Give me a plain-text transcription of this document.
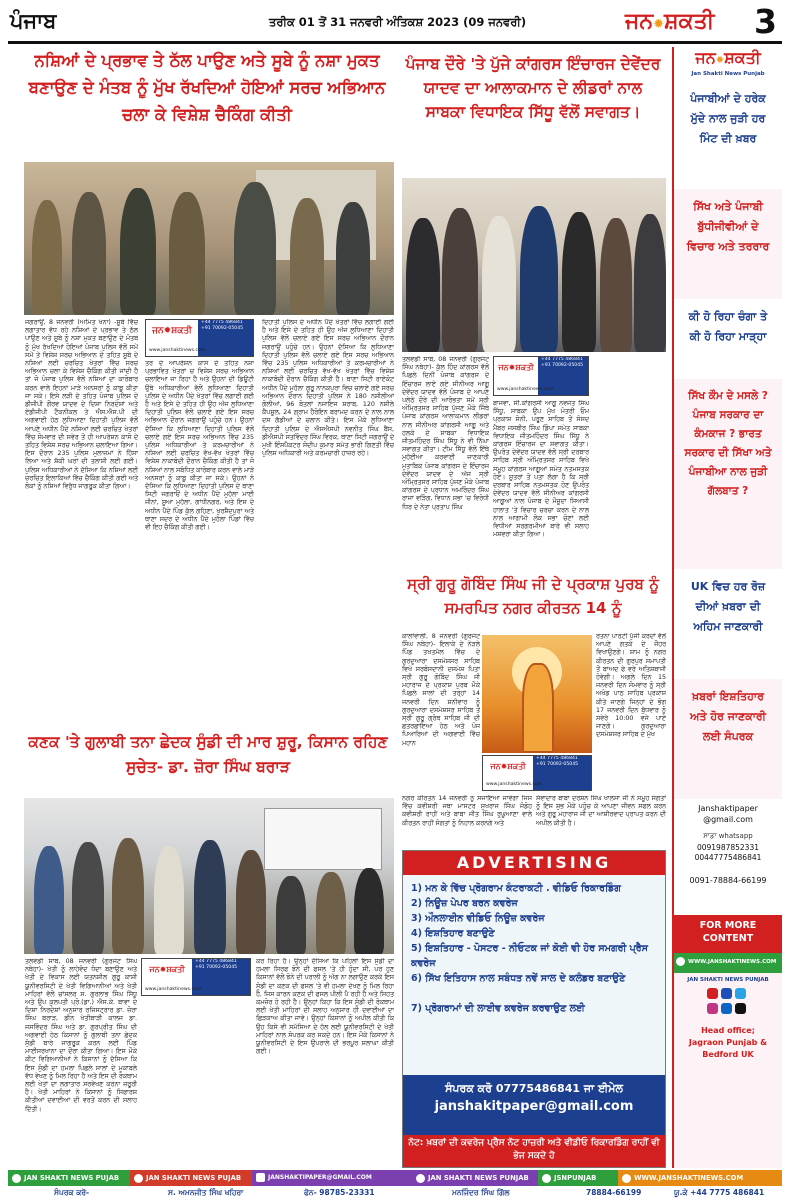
ਪੰਜਾਬ	ਤਰੀਕ 01 ਤੋਂ 31 ਜਨਵਰੀ ਅੰਤਿਕਸ਼ 2023 (09 ਜਨਵਰੀ)	ਜਨ✹ਸ਼ਕਤੀ	3
ਨਸ਼ਿਆਂ ਦੇ ਪ੍ਰਭਾਵ ਤੇ ਠੱਲ ਪਾਉਣ ਅਤੇ ਸੂਬੇ ਨੂੰ ਨਸ਼ਾ ਮੁਕਤ ਬਣਾਉਣ ਦੇ ਮੰਤਬ ਨੂੰ ਮੁੱਖ ਰੱਖਦਿਆਂ ਹੋਇਆਂ ਸਰਚ ਅਭਿਆਨ ਚਲਾ ਕੇ ਵਿਸ਼ੇਸ਼ ਚੈਕਿੰਗ ਕੀਤੀ
ਜਗਰਾਉਂ, 8 ਜਨਵਰੀ (ਅਮਿਤ ਖੰਨਾ) -ਸੂਬੇ ਵਿੱਚ ਲਗਾਤਾਰ ਵੱਧ ਰਹੇ ਨਸ਼ਿਆਂ ਦੇ ਪ੍ਰਭਾਵ ਤੇ ਠੱਲ ਪਾਉਣ ਅਤੇ ਸੂਬੇ ਨੂੰ ਨਸ਼ਾ ਮੁਕਤ ਬਣਾਉਣ ਦੇ ਮੰਤਬ ਨੂੰ ਮੁੱਖ ਰੱਖਦਿਆਂ ਹੋਇਆਂ ਪੰਜਾਬ ਪੁਲਿਸ ਵੱਲੋਂ ਸਮੇਂ ਸਮੇਂ ਤੇ ਵਿਸ਼ੇਸ਼ ਸਰਚ ਅਭਿਆਨ ਦੇ ਤਹਿਤ ਸੂਬੇ ਦੇ ਨਸ਼ਿਆਂ ਲਈ ਚਰਚਿਤ ਖੇਤਰਾਂ ਵਿੱਚ ਸਰਚ ਅਭਿਆਨ ਚਲਾ ਕੇ ਵਿਸ਼ੇਸ਼ ਚੈਕਿੰਗ ਕੀਤੀ ਜਾਂਦੀ ਹੈ ਤਾਂ ਜੋ ਪੰਜਾਬ ਪੁਲਿਸ ਵੱਲੋਂ ਨਸ਼ਿਆਂ ਦਾ ਕਾਰੋਬਾਰ ਕਰਨ ਵਾਲੇ ਇਹਨਾਂ ਮਾੜੇ ਅਨਸਰਾਂ ਨੂੰ ਕਾਬੂ ਕੀਤਾ ਜਾ ਸਕੇ। ਇਸੇ ਲੜੀ ਦੇ ਤਹਿਤ ਪੰਜਾਬ ਪੁਲਿਸ ਦੇ ਡੀਜੀਪੀ ਗੌਰਵ ਯਾਦਵ ਦੇ ਦਿਸ਼ਾ ਨਿਰਦੇਸ਼ਾਂ ਅਤੇ ਏਡੀਜੀਪੀ ਟੈਕਨੀਕਲ ਤੇ ਐਸ.ਐਸ.ਪੀ ਦੀ ਅਗਵਾਈ ਹੇਠ ਲੁਧਿਆਣਾ ਦਿਹਾਤੀ ਪੁਲਿਸ ਵੱਲੋਂ ਆਪਣੇ ਅਧੀਨ ਪੈਂਦੇ ਨਸ਼ਿਆਂ ਲਈ ਚਰਚਿਤ ਖੇਤਰਾਂ ਵਿੱਚ ਸੋਮਵਾਰ ਦੀ ਸਵੇਰ ਤੋਂ ਹੀ ਆਪਰੇਸ਼ਨ ਕਾਸੋ ਦੇ ਤਹਿਤ ਵਿਸ਼ੇਸ਼ ਸਰਚ ਅਭਿਆਨ ਚਲਾਇਆ ਗਿਆ। ਇਸ ਦੌਰਾਨ 235 ਪੁਲਿਸ ਮੁਲਾਜ਼ਮਾਂ ਨੇ ਹਿੱਸਾ ਲਿਆ ਅਤੇ ਸ਼ੱਕੀ ਘਰਾਂ ਦੀ ਤਲਾਸ਼ੀ ਲਈ ਗਈ। ਪੁਲਿਸ ਅਧਿਕਾਰੀਆਂ ਨੇ ਦੱਸਿਆ ਕਿ ਨਸ਼ਿਆਂ ਲਈ ਚਰਚਿਤ ਇਲਾਕਿਆਂ ਵਿੱਚ ਚੈਕਿੰਗ ਕੀਤੀ ਗਈ ਅਤੇ ਲੋਕਾਂ ਨੂੰ ਨਸ਼ਿਆਂ ਵਿਰੁੱਧ ਜਾਗਰੂਕ ਕੀਤਾ ਗਿਆ।
ਜਨ✹ਸ਼ਕਤੀ
+44 7775 486841
+91 70092-05045
www.janshaktinews.com
ਤਰ ਦੇ ਆਪਰੇਸ਼ਨ ਕਾਸੋ ਦੇ ਤਹਿਤ ਨਸ਼ਾ ਪ੍ਰਭਾਵਿਤ ਖੇਤਰਾਂ ਚ ਵਿਸ਼ੇਸ਼ ਸਰਚ ਅਭਿਆਨ ਚਲਾਇਆ ਜਾ ਰਿਹਾ ਹੈ ਅਤੇ ਉਹਨਾਂ ਦੀ ਡਿਊਟੀ ਉਥੇ ਅਧਿਕਾਰੀਆਂ ਵੱਲੋਂ ਲੁਧਿਆਣਾ ਦਿਹਾਤੀ ਪੁਲਿਸ ਦੇ ਅਧੀਨ ਪੈਂਦੇ ਖੇਤਰਾਂ ਵਿੱਚ ਲਗਾਈ ਗਈ ਹੈ ਅਤੇ ਇਸੇ ਦੇ ਤਹਿਤ ਹੀ ਉਹ ਅੱਜ ਲੁਧਿਆਣਾ ਦਿਹਾਤੀ ਪੁਲਿਸ ਵੱਲੋਂ ਚਲਾਏ ਗਏ ਇਸ ਸਰਚ ਅਭਿਆਨ ਦੌਰਾਨ ਜਗਰਾਉਂ ਪਹੁੰਚੇ ਹਨ। ਉਹਨਾਂ ਦੱਸਿਆ ਕਿ ਲੁਧਿਆਣਾ ਦਿਹਾਤੀ ਪੁਲਿਸ ਵੱਲੋਂ ਚਲਾਏ ਗਏ ਇਸ ਸਰਚ ਅਭਿਆਨ ਵਿੱਚ 235 ਪੁਲਿਸ ਅਧਿਕਾਰੀਆਂ ਤੇ ਕਰਮਚਾਰੀਆਂ ਨੇ ਨਸ਼ਿਆਂ ਲਈ ਚਰਚਿਤ ਵੱਖ-ਵੱਖ ਖੇਤਰਾਂ ਵਿੱਚ ਵਿਸ਼ੇਸ਼ ਨਾਕਾਬੰਦੀ ਦੌਰਾਨ ਚੈਕਿੰਗ ਕੀਤੀ ਹੈ ਤਾਂ ਜੋ ਨਸ਼ਿਆਂ ਨਾਲ ਸਬੰਧਿਤ ਕਾਰੋਬਾਰ ਕਰਨ ਵਾਲੇ ਮਾੜੇ ਅਨਸਰਾਂ ਨੂੰ ਕਾਬੂ ਕੀਤਾ ਜਾ ਸਕੇ। ਉਹਨਾਂ ਨੇ ਦੱਸਿਆ ਕਿ ਲੁਧਿਆਣਾ ਦਿਹਾਤੀ ਪੁਲਿਸ ਦੇ ਥਾਣਾ ਸਿਟੀ ਜਗਰਾਓਂ ਦੇ ਅਧੀਨ ਪੈਂਦੇ ਮੁਹੱਲਾ ਮਾਈ ਜੀਨਾਂ, ਸੂਆ ਮੁਹੱਲਾ, ਗਾਂਧੀਨਗਰ, ਅਤੇ ਇਸ ਦੇ ਅਧੀਨ ਪੈਂਦੇ ਪਿੰਡ ਕੁੱਲ ਗਹਿਣਾ, ਖੁਰਸ਼ੈਦਪੁਰਾ ਅਤੇ ਥਾਣਾ ਸਦਰ ਦੇ ਅਧੀਨ ਪੈਂਦੇ ਮੁਹੱਲਾ ਪਿੰਡਾਂ ਵਿੱਚ ਵੀ ਇਹ ਚੈਕਿੰਗ ਕੀਤੀ ਗਈ।
ਦਿਹਾਤੀ ਪੁਲਿਸ ਦੇ ਅਧੀਨ ਪੈਂਦੇ ਖੇਤਰਾਂ ਵਿੱਚ ਲਗਾਈ ਗਈ ਹੈ ਅਤੇ ਇਸੇ ਦੇ ਤਹਿਤ ਹੀ ਉਹ ਅੱਜ ਲੁਧਿਆਣਾ ਦਿਹਾਤੀ ਪੁਲਿਸ ਵੱਲੋਂ ਚਲਾਏ ਗਏ ਇਸ ਸਰਚ ਅਭਿਆਨ ਦੌਰਾਨ ਜਗਰਾਉਂ ਪਹੁੰਚੇ ਹਨ। ਉਹਨਾਂ ਦੱਸਿਆ ਕਿ ਲੁਧਿਆਣਾ ਦਿਹਾਤੀ ਪੁਲਿਸ ਵੱਲੋਂ ਚਲਾਏ ਗਏ ਇਸ ਸਰਚ ਅਭਿਆਨ ਵਿੱਚ 235 ਪੁਲਿਸ ਅਧਿਕਾਰੀਆਂ ਤੇ ਕਰਮਚਾਰੀਆਂ ਨੇ ਨਸ਼ਿਆਂ ਲਈ ਚਰਚਿਤ ਵੱਖ-ਵੱਖ ਖੇਤਰਾਂ ਵਿੱਚ ਵਿਸ਼ੇਸ਼ ਨਾਕਾਬੰਦੀ ਦੌਰਾਨ ਚੈਕਿੰਗ ਕੀਤੀ ਹੈ। ਥਾਣਾ ਸਿਟੀ ਰਾਏਕੋਟ ਅਧੀਨ ਪੈਂਦੇ ਮੁਹੱਲਾ ਗੁਰੂ ਨਾਨਕਪੁਰਾ ਵਿਚ ਚਲਾਏ ਗਏ ਸਰਚ ਅਭਿਆਨ ਦੌਰਾਨ ਦਿਹਾਤੀ ਪੁਲਿਸ ਨੇ 180 ਨਸ਼ੀਲੀਆਂ ਗੋਲੀਆਂ, 96 ਬੋਤਲਾਂ ਨਜਾਇਜ ਸ਼ਰਾਬ, 120 ਨਸ਼ੀਲੇ ਕੈਪਸੂਲ, 24 ਗ੍ਰਾਮ ਹੈਰੋਇਨ ਬਰਾਮਦ ਕਰਨ ਦੇ ਨਾਲ ਨਾਲ ਦਸ ਗੱਡੀਆਂ ਦੇ ਚਲਾਨ ਕੀਤੇ। ਇਸ ਮੌਕੇ ਲੁਧਿਆਣਾ ਦਿਹਾਤੀ ਪੁਲਿਸ ਦੇ ਐਸਐਸਪੀ ਨਵਨੀਤ ਸਿੰਘ ਬੈਂਸ, ਡੀਐਸਪੀ ਸਤਵਿੰਦਰ ਸਿੰਘ ਵਿਰਕ, ਥਾਣਾ ਸਿਟੀ ਜਗਰਾਉਂ ਦੇ ਮੁਖੀ ਇੰਸਪੈਕਟਰ ਸੰਦੀਪ ਕੁਮਾਰ ਸਮੇਤ ਭਾਰੀ ਗਿਣਤੀ ਵਿੱਚ ਪੁਲਿਸ ਅਧਿਕਾਰੀ ਅਤੇ ਕਰਮਚਾਰੀ ਹਾਜ਼ਰ ਰਹੇ।
ਪੰਜਾਬ ਦੌਰੇ 'ਤੇ ਪੁੱਜੇ ਕਾਂਗਰਸ ਇੰਚਾਰਜ ਦੇਵੇਂਦਰ ਯਾਦਵ ਦਾ ਆਲਾਕਮਾਨ ਦੇ ਲੀਡਰਾਂ ਨਾਲ ਸਾਬਕਾ ਵਿਧਾਇਕ ਸਿੱਧੂ ਵੱਲੋਂ ਸਵਾਗਤ।
ਤਲਵੰਡੀ ਸਾਬੋ, 08 ਜਨਵਰੀ (ਗੁਰਜੰਟ ਸਿੰਘ ਨਥੇਹਾ)- ਕੁੱਲ ਹਿੰਦ ਕਾਂਗਰਸ ਵੱਲੋਂ ਪਿਛਲੇ ਦਿਨੀਂ ਪੰਜਾਬ ਕਾਂਗਰਸ ਦੇ ਇੰਚਾਰਜ ਲਾਏ ਗਏ ਸੀਨੀਅਰ ਆਗੂ ਦੇਵੇਂਦਰ ਯਾਦਵ ਵੱਲੋਂ ਪੰਜਾਬ ਦੇ ਆਪਣੇ ਪਲੇਠੇ ਦੌਰੇ ਦੀ ਆਰੰਭਤਾ ਸਮੇਂ ਸ੍ਰੀ ਅੰਮ੍ਰਿਤਸਰ ਸਾਹਿਬ ਪੁੱਜਣ ਮੌਕੇ ਜਿੱਥੇ ਪੰਜਾਬ ਕਾਂਗਰਸ ਆਲਾਕਮਾਨ ਲੀਡਰਾਂ ਨਾਲ ਸੀਨੀਅਰ ਕਾਂਗਰਸੀ ਆਗੂ ਅਤੇ ਹਲਕੇ ਦੇ ਸਾਬਕਾ ਵਿਧਾਇਕ ਜੀਤਮਹਿੰਦਰ ਸਿੰਘ ਸਿੱਧੂ ਨੇ ਵੀ ਨਿੱਘਾ ਸਵਾਗਤ ਕੀਤਾ। ਟੀਮ ਸਿੱਧੂ ਵੱਲੋਂ ਇੱਥੇ ਮੁਹੱਈਆ ਕਰਵਾਈ ਜਾਣਕਾਰੀ ਮੁਤਾਬਿਕ ਪੰਜਾਬ ਕਾਂਗਰਸ ਦੇ ਇੰਚਾਰਜ ਦੇਵੇਂਦਰ ਯਾਦਵ ਦੇ ਅੱਜ ਸ੍ਰੀ ਅੰਮ੍ਰਿਤਸਰ ਸਾਹਿਬ ਪੁੱਜਣ ਮੌਕੇ ਪੰਜਾਬ ਕਾਂਗਰਸ ਦੇ ਪ੍ਰਧਾਨ ਅਮਰਿੰਦਰ ਸਿੰਘ ਰਾਜਾ ਵੜਿੰਗ, ਵਿਧਾਨ ਸਭਾ 'ਚ ਵਿਰੋਧੀ ਧਿਰ ਦੇ ਨੇਤਾ ਪ੍ਰਤਾਪ ਸਿੰਘ
ਜਨ✹ਸ਼ਕਤੀ
+44 7775 486841
+91 70092-05045
www.janshaktinews.com
ਬਾਜਵਾ, ਸੀ.ਕਾਂਗਰਸੀ ਆਗੂ ਨਵਜੋਤ ਸਿੰਘ ਸਿੱਧੂ, ਸਾਬਕਾ ਉਪ ਮੁੱਖ ਮੰਤਰੀ ਓਮ ਪ੍ਰਕਾਸ਼ ਸੋਨੀ, ਪਰੂਣ ਸਾਹਿਬ ਤੋਂ ਸੰਸਦ ਮੈਂਬਰ ਜਸਬੀਰ ਸਿੰਘ ਡਿੰਪਾ ਸਮੇਤ ਸਾਬਕਾ ਵਿਧਾਇਕ ਜੀਤਮਹਿੰਦਰ ਸਿੰਘ ਸਿੱਧੂ ਨੇ ਕਾਂਗਰਸ ਇੰਚਾਰਜ ਦਾ ਸਵਾਗਤ ਕੀਤਾ। ਉਪਰੰਤ ਦੇਵੇਂਦਰ ਯਾਦਵ ਵੱਲੋਂ ਸ੍ਰੀ ਦਰਬਾਰ ਸਾਹਿਬ ਸ੍ਰੀ ਅੰਮ੍ਰਿਤਸਰ ਸਾਹਿਬ ਵਿਖੇ ਸਮੂਹ ਕਾਂਗਰਸ ਆਗੂਆਂ ਸਮੇਤ ਨਤਮਸਤਕ ਹੋਏ। ਸੂਤਰਾਂ ਤੋਂ ਪਤਾ ਲੱਗਾ ਹੈ ਕਿ ਸ੍ਰੀ ਦਰਬਾਰ ਸਾਹਿਬ ਨਤਮਸਤਕ ਹੋਣ ਉਪਰੰਤ ਦੇਵੇਂਦਰ ਯਾਦਵ ਵੱਲੋਂ ਸੀਨੀਅਰ ਕਾਂਗਰਸੀ ਆਗੂਆਂ ਨਾਲ ਪੰਜਾਬ ਦੇ ਮੌਜੂਦਾ ਸਿਆਸੀ ਹਾਲਾਤ 'ਤੇ ਵਿਚਾਰ ਚਰਚਾ ਕਰਨ ਦੇ ਨਾਲ ਨਾਲ ਆਗਾਮੀ ਲੋਕ ਸਭਾ ਚੋਣਾਂ ਲਈ ਵਿਧੀਆਂ ਸਰਗਰਮੀਆਂ ਬਾਰੇ ਵੀ ਸਲਾਹ ਮਸ਼ਵਰਾ ਕੀਤਾ ਗਿਆ।
ਸ੍ਰੀ ਗੁਰੂ ਗੋਬਿੰਦ ਸਿੰਘ ਜੀ ਦੇ ਪ੍ਰਕਾਸ਼ ਪੁਰਬ ਨੂੰ ਸਮਰਪਿਤ ਨਗਰ ਕੀਰਤਨ 14 ਨੂੰ
ਕਾਲਾਂਵਾਲੀ, 8 ਜਨਵਰੀ (ਗੁਰਜੰਟ ਸਿੰਘ ਨਥੇਹਾ)- ਇਲਾਕੇ ਦੇ ਨੇੜਲੇ ਪਿੰਡ ਤਖਤਮੱਲ ਵਿੱਚ ਦੇ ਗੁਰਦੁਆਰਾ ਦਸਮੇਸ਼ਸਰ ਸਾਹਿਬ ਵਿਖੇ ਸਰਬੰਸਦਾਨੀ ਦਸਮੇਸ਼ ਪਿਤਾ ਸ੍ਰੀ ਗੁਰੂ ਗੋਬਿੰਦ ਸਿੰਘ ਜੀ ਮਹਾਰਾਜ ਦੇ ਪ੍ਰਕਾਸ਼ ਪੁਰਬ ਮੌਕੇ ਪਿਛਲੇ ਸਾਲਾਂ ਦੀ ਤਰ੍ਹਾਂ 14 ਜਨਵਰੀ ਦਿਨ ਸ਼ਨੀਵਾਰ ਨੂੰ ਗੁਰਦੁਆਰਾ ਦਸਮੇਸ਼ਸਰ ਸਾਹਿਬ ਤੋਂ ਸ੍ਰੀ ਗੁਰੂ ਗ੍ਰੰਥ ਸਾਹਿਬ ਜੀ ਦੀ ਛਤਰਛਾਇਆ ਹੇਠ ਅਤੇ ਪੰਜ ਪਿਆਰਿਆਂ ਦੀ ਅਗਵਾਈ ਵਿੱਚ ਮਹਾਨ
ਜਨ✹ਸ਼ਕਤੀ
+44 7775 486841
+91 70092-05045
www.janshaktinews.com
ਰਤਨਾ ਪਾਰਟੀ ਪੁੱਜੀ ਕਰਦਾਂ ਵੱਲੋਂ ਆਪਣੇ ਗਤਕੇ ਦੇ ਜੌਹਰ ਵਿਖਾਉਣਗੇ। ਸ਼ਾਮ ਨੂੰ ਨਗਰ ਕੀਰਤਨ ਦੀ ਗੁਰਪੁਰ ਸਮਾਪਤੀ ਤੋਂ ਬਾਅਦ ਫੇ ਵਰੇ ਅਤਿਸ਼ਬਾਜੀ ਹੋਵੇਗੀ। ਅਗਲੇ ਦਿਨ 15 ਜਨਵਰੀ ਦਿਨ ਸੋਮਵਾਰ ਨੂੰ ਸ੍ਰੀ ਅਖੰਡ ਪਾਠ ਸਾਹਿਬ ਪ੍ਰਕਾਸ਼ ਕੀਤੇ ਜਾਣਗੇ ਜਿਨ੍ਹਾਂ ਦੇ ਭੋਗ 17 ਜਨਵਰੀ ਦਿਨ ਬੁੱਧਵਾਰ ਨੂੰ ਸਵੇਰੇ 10:00 ਵਜੇ ਪਾਏ ਜਾਣਗੇ। ਗੁਰਦੁਆਰਾ ਦਸਮੇਸ਼ਸਰ ਸਾਹਿਬ ਦੇ ਮੁੱਖ
ਨਗਰ ਕੀਰਤਨ 14 ਜਨਵਰੀ ਨੂੰ ਸਜਾਇਆ ਜਾਵੇਗਾ ਜਿਸ ਵਿੱਚ ਕਵੀਸ਼ਰੀ ਜਥਾ ਮਾਸਟਰ ਸੁਖਰਾਜ ਸਿੰਘ ਜੰਡੋਹ ਕਵੀਸ਼ਰੀ ਰਾਹੀਂ ਅਤੇ ਬਾਬਾ ਜੀਤ ਸਿੰਘ ਰੁਘੂਆਣਾ ਵਾਲੇ ਕੀਰਤਨ ਰਾਹੀਂ ਸੰਗਤਾਂ ਨੂੰ ਨਿਹਾਲ ਕਰਨਗੇ ਅਤੇ
ਸੇਵਾਦਾਰ ਬਾਬਾ ਦਰਸ਼ਨ ਸਿੰਘ ਖਾਲਸਾ ਜੀ ਨੇ ਸਮੂਹ ਸੰਗਤਾਂ ਨੂੰ ਇਸ ਸ਼ੁਭ ਮੌਕੇ ਪਹੁੰਚ ਕੇ ਆਪਣਾ ਜੀਵਨ ਸਫਲ ਕਰਨ ਅਤੇ ਗੁਰੂ ਮਹਾਰਾਜ ਜੀ ਦਾ ਆਸ਼ੀਰਵਾਦ ਪ੍ਰਾਪਤ ਕਰਨ ਦੀ ਅਪੀਲ ਕੀਤੀ ਹੈ।
ਕਣਕ 'ਤੇ ਗੁਲਾਬੀ ਤਨਾ ਛੇਦਕ ਸੁੰਡੀ ਦੀ ਮਾਰ ਸ਼ੁਰੂ, ਕਿਸਾਨ ਰਹਿਣ ਸੁਚੇਤ- ਡਾ. ਜ਼ੋਰਾ ਸਿੰਘ ਬਰਾੜ
ਤਲਵੰਡੀ ਸਾਬੋ, 08 ਜਨਵਰੀ (ਗੁਰਜੰਟ ਸਿੰਘ ਨਥੇਹਾ)- ਖੇਤੀ ਨੂੰ ਲਾਹੇਵੰਦ ਧੰਦਾ ਬਣਾਉਣ ਅਤੇ ਖੇਤੀ ਦੇ ਵਿਕਾਸ ਲਈ ਯਤਨਸ਼ੀਲ ਗੁਰੂ ਕਾਸ਼ੀ ਯੂਨੀਵਰਸਿਟੀ ਦੇ ਖੇਤੀ ਵਿਗਿਆਨੀਆਂ ਅਤੇ ਖੇਤੀ ਮਾਹਿਰਾਂ ਵੱਲੋਂ ਚਾਂਸਲਰ ਸ. ਗੁਰਲਾਭ ਸਿੰਘ ਸਿੱਧੂ ਅਤੇ ਉਪ ਕੁਲਪਤੀ ਪ੍ਰੋ.(ਡਾ.) ਐਸ.ਕੇ. ਬਾਵਾ ਦੇ ਦਿਸ਼ਾ ਨਿਰਦੇਸ਼ਾਂ ਅਨੁਸਾਰ ਰਜਿਸਟ੍ਰਾਰ ਡਾ. ਜ਼ੋਰਾ ਸਿੰਘ ਬਰਾੜ, ਡੀਨ ਖੇਤੀਬਾੜੀ ਕਾਲਜ ਡਾ. ਜਸਵਿੰਦਰ ਸਿੰਘ ਅਤੇ ਡਾ. ਗੁਰਪ੍ਰੀਤ ਸਿੰਘ ਦੀ ਅਗਵਾਈ ਹੇਠ ਕਿਸਾਨਾਂ ਨੂੰ ਗੁਲਾਬੀ ਤਨਾ ਛੇਦਕ ਸੁੰਡੀ ਬਾਰੇ ਜਾਗਰੂਕ ਕਰਨ ਲਈ ਪਿੰਡ ਮਾਈਸਰਖਾਨਾ ਦਾ ਦੌਰਾ ਕੀਤਾ ਗਿਆ। ਇਸ ਮੌਕੇ ਕੀਟ ਵਿਗਿਆਨੀਆਂ ਨੇ ਕਿਸਾਨਾਂ ਨੂੰ ਦੱਸਿਆ ਕਿ ਇਸ ਸੁੰਡੀ ਦਾ ਹਮਲਾ ਪਿਛਲੇ ਸਾਲਾਂ ਦੇ ਮੁਕਾਬਲੇ ਵੱਧ ਵੇਖਣ ਨੂੰ ਮਿਲ ਰਿਹਾ ਹੈ ਅਤੇ ਇਸ ਦੀ ਰੋਕਥਾਮ ਲਈ ਖੇਤਾਂ ਦਾ ਲਗਾਤਾਰ ਸਰਵੇਖਣ ਕਰਨਾ ਜ਼ਰੂਰੀ ਹੈ। ਖੇਤੀ ਮਾਹਿਰਾਂ ਨੇ ਕਿਸਾਨਾਂ ਨੂੰ ਸਿਫਾਰਸ਼ ਕੀਤੀਆਂ ਦਵਾਈਆਂ ਦੀ ਵਰਤੋਂ ਕਰਨ ਦੀ ਸਲਾਹ ਦਿੱਤੀ।
ਜਨ✹ਸ਼ਕਤੀ
+44 7775 486841
+91 70092-05045
www.janshaktinews.com
ਕਰ ਰਿਹਾ ਹੈ। ਉਨ੍ਹਾਂ ਦੱਸਿਆ ਕਿ ਪਹਿਲਾਂ ਇਸ ਸੁੰਡੀ ਦਾ ਹਮਲਾ ਸਿਰਫ ਝੋਨੇ ਦੀ ਫਸਲ 'ਤੇ ਹੀ ਹੁੰਦਾ ਸੀ, ਪਰ ਹੁਣ ਕਿਸਾਨਾਂ ਵੱਲੋਂ ਝੋਨੇ ਦੀ ਪਰਾਲੀ ਨੂੰ ਅੱਗ ਨਾ ਲਗਾਉਣ ਕਰਕੇ ਇਸ ਸੁੰਡੀ ਦਾ ਕਣਕ ਦੀ ਫਸਲ 'ਤੇ ਵੀ ਹਮਲਾ ਦੇਖਣ ਨੂੰ ਮਿਲ ਰਿਹਾ ਹੈ, ਜਿਸ ਕਾਰਨ ਕਣਕ ਦੀ ਫਸਲ ਪੀਲੀ ਪੈ ਰਹੀ ਹੈ ਅਤੇ ਸਿਹਤ ਕਮਜ਼ੋਰ ਹੋ ਰਹੀ ਹੈ। ਉਨ੍ਹਾਂ ਕਿਹਾ ਕਿ ਇਸ ਸੁੰਡੀ ਦੀ ਰੋਕਥਾਮ ਲਈ ਖੇਤੀ ਮਾਹਿਰਾਂ ਦੀ ਸਲਾਹ ਅਨੁਸਾਰ ਹੀ ਦਵਾਈਆਂ ਦਾ ਛਿੜਕਾਅ ਕੀਤਾ ਜਾਵੇ। ਉਨ੍ਹਾਂ ਕਿਸਾਨਾਂ ਨੂੰ ਅਪੀਲ ਕੀਤੀ ਕਿ ਉਹ ਕਿਸੇ ਵੀ ਸਮੱਸਿਆ ਦੇ ਹੱਲ ਲਈ ਯੂਨੀਵਰਸਿਟੀ ਦੇ ਖੇਤੀ ਮਾਹਿਰਾਂ ਨਾਲ ਸੰਪਰਕ ਕਰ ਸਕਦੇ ਹਨ। ਇਸ ਮੌਕੇ ਕਿਸਾਨਾਂ ਨੇ ਯੂਨੀਵਰਸਿਟੀ ਦੇ ਇਸ ਉਪਰਾਲੇ ਦੀ ਭਰਪੂਰ ਸ਼ਲਾਘਾ ਕੀਤੀ ਗਈ।
ADVERTISING
1) ਮਨ ਕੇ ਵਿੱਚ ਪ੍ਰੋਗਰਾਮ ਕੰਟਰਾਕਟੀ . ਵੀਡਿਓ ਰਿਕਾਰਡਿੰਗ
2) ਨਿਊਜ਼ ਪੇਪਰ ਬਰਨ ਕਵਰੇਜ
3) ਔਨਲਾਈਨ ਵੀਡਿਓ ਨਿਊਜ਼ ਕਵਰੇਜ
4) ਇਸ਼ਤਿਹਾਰ ਬਣਾਉਣੇ
5) ਇਸ਼ਤਿਹਾਰ - ਪੋਸਟਰ - ਨੀਓਟਕ ਜਾਂ ਕੋਈ ਵੀ ਹੋਰ ਸਮਗਰੀ ਪ੍ਰੈਸ ਕਵਰੇਜ
6) ਸਿੱਖ ਇਤਿਹਾਸ ਨਾਲ ਸਬੰਧਤ ਨਵੇਂ ਸਾਲ ਦੇ ਕਲੰਡਰ ਬਣਾਉਣੇ
7) ਪ੍ਰੋਗਰਾਮਾਂ ਦੀ ਲਾਈਵ ਕਵਰੇਜ ਕਰਵਾਉਣ ਲਈ
ਸੰਪਰਕ ਕਰੋ 07775486841 ਜਾ ਈਮੇਲ
janshakitpaper@gmail.com
ਨੋਟ: ਖ਼ਬਰਾਂ ਦੀ ਕਵਰੇਜ ਪ੍ਰੈਸ ਨੋਟ ਹਾਜ਼ਰੀ ਅਤੇ ਵੀਡੀਓ ਰਿਕਾਰਡਿੰਗ ਰਾਹੀਂ ਵੀ ਭੇਜ ਸਕਦੇ ਹੋ
ਜਨ✹ਸ਼ਕਤੀ
Jan Shakti News Punjab
ਪੰਜਾਬੀਆਂ ਦੇ ਹਰੇਕ ਮੁੱਦੇ ਨਾਲ ਜੁੜੀ ਹਰ ਮਿੰਟ ਦੀ ਖ਼ਬਰ
ਸਿੱਖ ਅਤੇ ਪੰਜਾਬੀ ਬੁੱਧੀਜੀਵੀਆਂ ਦੇ ਵਿਚਾਰ ਅਤੇ ਤਰਰਾਰ
ਕੀ ਹੋ ਰਿਹਾ ਚੰਗਾ ਤੇ ਕੀ ਹੋ ਰਿਹਾ ਮਾੜ੍ਹਾ
ਸਿੱਖ ਕੌਮ ਦੇ ਮਸਲੇ ? ਪੰਜਾਬ ਸਰਕਾਰ ਦਾ ਕੰਮਕਾਜ ? ਭਾਰਤ ਸਰਕਾਰ ਦੀ ਸਿੱਖਾ ਅਤੇ ਪੰਜਾਬੀਆ ਨਾਲ ਜੁੜੀ ਗੱਲਬਾਤ ?
UK ਵਿਚ ਹਰ ਰੋਜ਼ ਦੀਆਂ ਖ਼ਬਰਾ ਦੀ ਅਹਿਮ ਜਾਣਕਾਰੀ
ਖ਼ਬਰਾਂ ਇਸ਼ਤਿਹਾਰ ਅਤੇ ਹੋਰ ਜਾਣਕਾਰੀ ਲਈ ਸੰਪਰਕ
Janshaktipaper
@gmail.com
ਸਾਡਾ whatsapp
0091987852331
00447775486841
0091-78884-66199
FOR MORE
CONTENT
WWW.JANSHAKTINEWS.COM
JAN SHAKTI NEWS PUNJAB
Head office;
Jagraon Punjab &
Bedford UK
JAN SHAKTI NEWS PUJAB	JAN SHAKTI NEWS PUJAB	JANSHAKTIPAPER@GMAIL.COM	JAN SHAKTI NEWS PUNJAB	JSNPUNJAB	WWW.JANSHAKTINEWS.COM
ਸੰਪਰਕ ਕਰੋ-	ਸ. ਅਮਨਜੀਤ ਸਿੰਘ ਖਹਿਰਾ	ਫੋਨ- 98785-23331	ਮਨਜਿੰਦਰ ਸਿੰਘ ਗਿੱਲ	78884-66199	ਯੂ.ਕੇ +44 7775 486841
